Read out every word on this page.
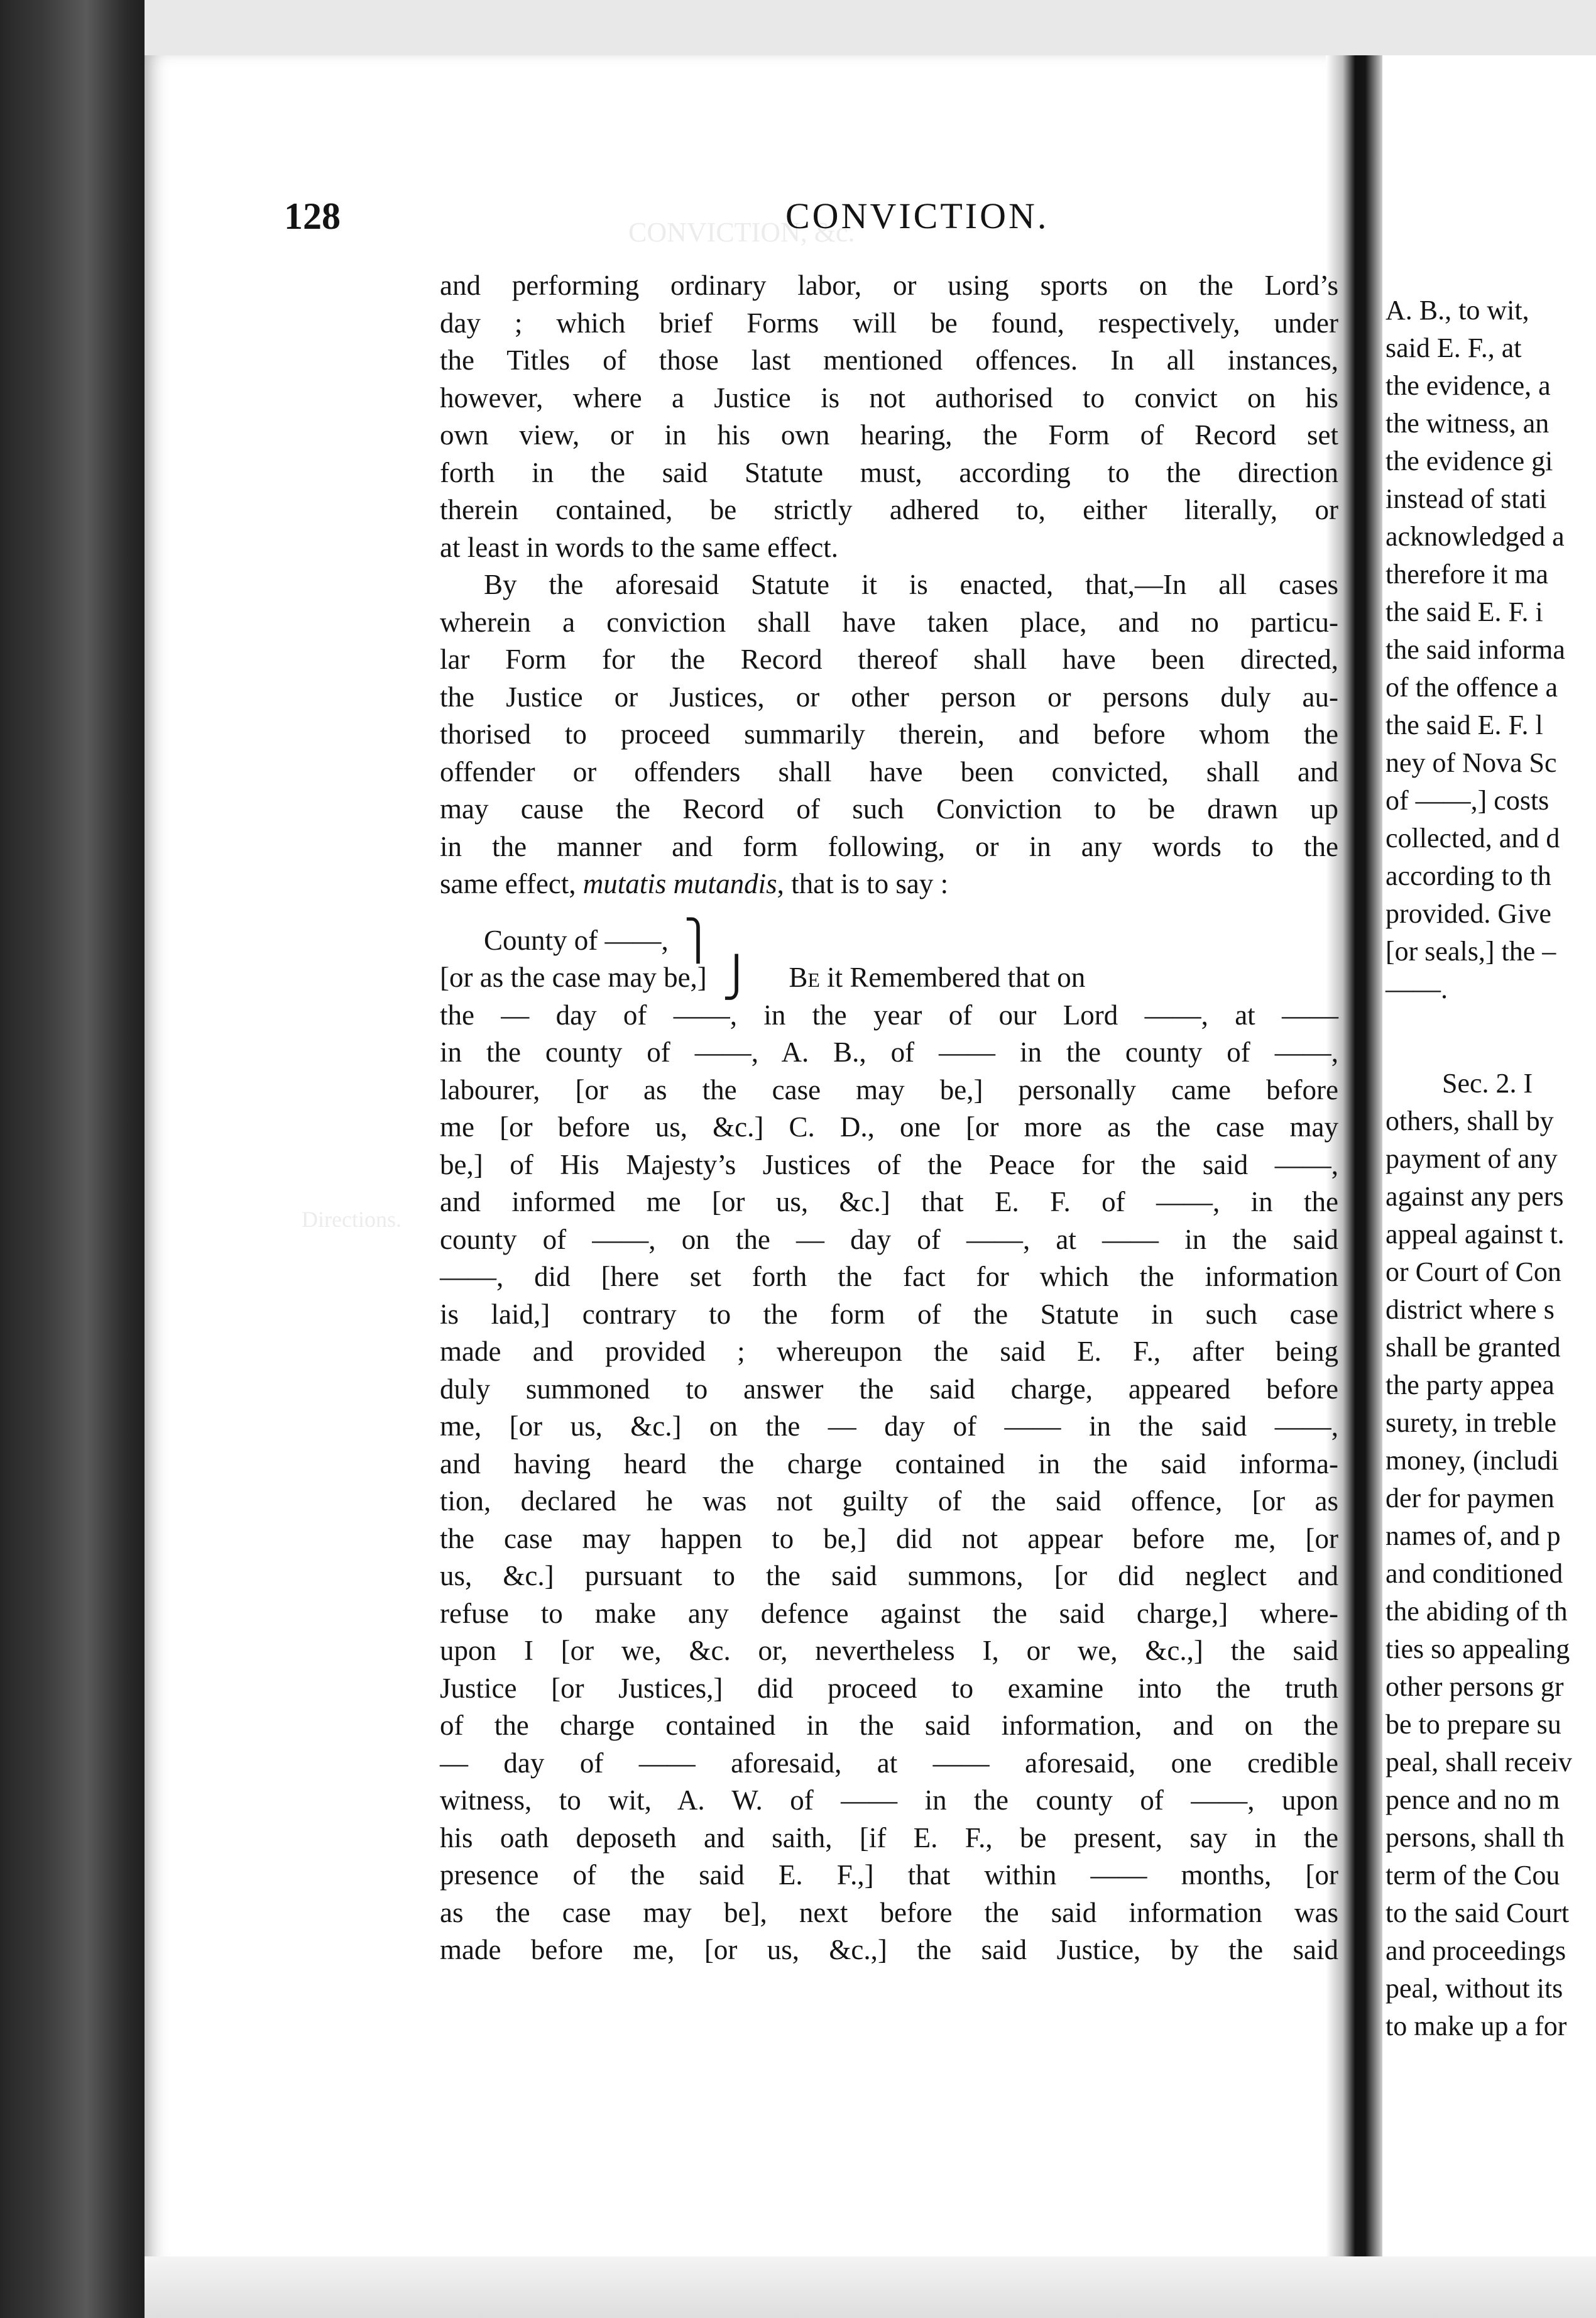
CONVICTION, &c.
Directions.
128	CONVICTION.
and performing ordinary labor, or using sports on the Lord’s
day ; which brief Forms will be found, respectively, under
the Titles of those last mentioned offences. In all instances,
however, where a Justice is not authorised to convict on his
own view, or in his own hearing, the Form of Record set
forth in the said Statute must, according to the direction
therein contained, be strictly adhered to, either literally, or
at least in words to the same effect.
By the aforesaid Statute it is enacted, that,—In all cases
wherein a conviction shall have taken place, and no particu-
lar Form for the Record thereof shall have been directed,
the Justice or Justices, or other person or persons duly au-
thorised to proceed summarily therein, and before whom the
offender or offenders shall have been convicted, shall and
may cause the Record of such Conviction to be drawn up
in the manner and form following, or in any words to the
same effect, mutatis mutandis, that is to say :
County of ——, ⎫
[or as the case may be,] ⎭ Be it Remembered that on
the — day of ——, in the year of our Lord ——, at ——
in the county of ——, A. B., of —— in the county of ——,
labourer, [or as the case may be,] personally came before
me [or before us, &c.] C. D., one [or more as the case may
be,] of His Majesty’s Justices of the Peace for the said ——,
and informed me [or us, &c.] that E. F. of ——, in the
county of ——, on the — day of ——, at —— in the said
——, did [here set forth the fact for which the information
is laid,] contrary to the form of the Statute in such case
made and provided ; whereupon the said E. F., after being
duly summoned to answer the said charge, appeared before
me, [or us, &c.] on the — day of —— in the said ——,
and having heard the charge contained in the said informa-
tion, declared he was not guilty of the said offence, [or as
the case may happen to be,] did not appear before me, [or
us, &c.] pursuant to the said summons, [or did neglect and
refuse to make any defence against the said charge,] where-
upon I [or we, &c. or, nevertheless I, or we, &c.,] the said
Justice [or Justices,] did proceed to examine into the truth
of the charge contained in the said information, and on the
— day of —— aforesaid, at —— aforesaid, one credible
witness, to wit, A. W. of —— in the county of ——, upon
his oath deposeth and saith, [if E. F., be present, say in the
presence of the said E. F.,] that within —— months, [or
as the case may be], next before the said information was
made before me, [or us, &c.,] the said Justice, by the said
A. B., to wit,
said E. F., at
the evidence, a
the witness, an
the evidence gi
instead of stati
acknowledged a
therefore it ma
the said E. F. i
the said informa
of the offence a
the said E. F. l
ney of Nova Sc
of ——,] costs
collected, and d
according to th
provided. Give
[or seals,] the –
——.
Sec. 2. I
others, shall by
payment of any
against any pers
appeal against t.
or Court of Con
district where s
shall be granted
the party appea
surety, in treble
money, (includi
der for paymen
names of, and p
and conditioned
the abiding of th
ties so appealing
other persons gr
be to prepare su
peal, shall receiv
pence and no m
persons, shall th
term of the Cou
to the said Court
and proceedings
peal, without its
to make up a for
